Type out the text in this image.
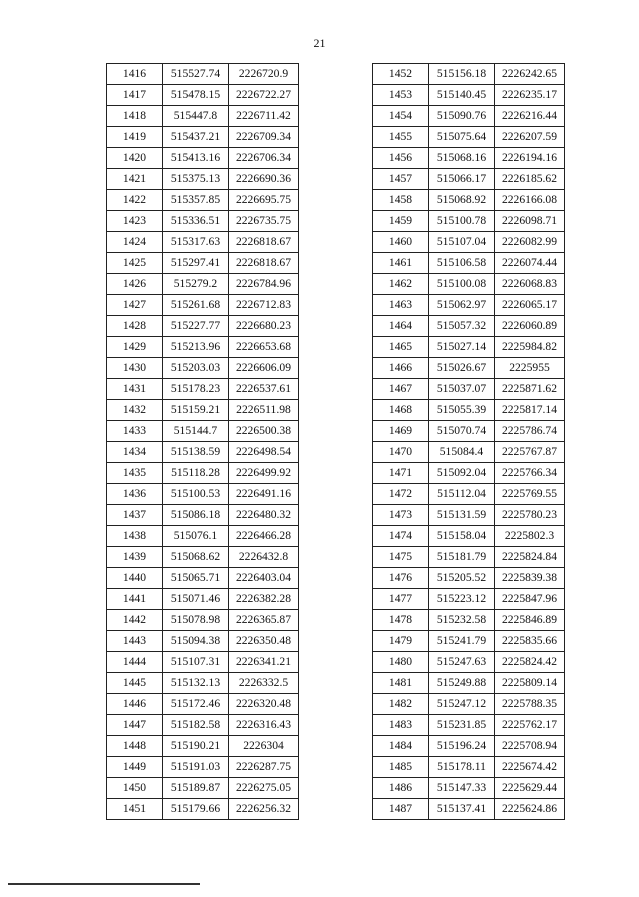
21
1416	515527.74	2226720.9
1417	515478.15	2226722.27
1418	515447.8	2226711.42
1419	515437.21	2226709.34
1420	515413.16	2226706.34
1421	515375.13	2226690.36
1422	515357.85	2226695.75
1423	515336.51	2226735.75
1424	515317.63	2226818.67
1425	515297.41	2226818.67
1426	515279.2	2226784.96
1427	515261.68	2226712.83
1428	515227.77	2226680.23
1429	515213.96	2226653.68
1430	515203.03	2226606.09
1431	515178.23	2226537.61
1432	515159.21	2226511.98
1433	515144.7	2226500.38
1434	515138.59	2226498.54
1435	515118.28	2226499.92
1436	515100.53	2226491.16
1437	515086.18	2226480.32
1438	515076.1	2226466.28
1439	515068.62	2226432.8
1440	515065.71	2226403.04
1441	515071.46	2226382.28
1442	515078.98	2226365.87
1443	515094.38	2226350.48
1444	515107.31	2226341.21
1445	515132.13	2226332.5
1446	515172.46	2226320.48
1447	515182.58	2226316.43
1448	515190.21	2226304
1449	515191.03	2226287.75
1450	515189.87	2226275.05
1451	515179.66	2226256.32
1452	515156.18	2226242.65
1453	515140.45	2226235.17
1454	515090.76	2226216.44
1455	515075.64	2226207.59
1456	515068.16	2226194.16
1457	515066.17	2226185.62
1458	515068.92	2226166.08
1459	515100.78	2226098.71
1460	515107.04	2226082.99
1461	515106.58	2226074.44
1462	515100.08	2226068.83
1463	515062.97	2226065.17
1464	515057.32	2226060.89
1465	515027.14	2225984.82
1466	515026.67	2225955
1467	515037.07	2225871.62
1468	515055.39	2225817.14
1469	515070.74	2225786.74
1470	515084.4	2225767.87
1471	515092.04	2225766.34
1472	515112.04	2225769.55
1473	515131.59	2225780.23
1474	515158.04	2225802.3
1475	515181.79	2225824.84
1476	515205.52	2225839.38
1477	515223.12	2225847.96
1478	515232.58	2225846.89
1479	515241.79	2225835.66
1480	515247.63	2225824.42
1481	515249.88	2225809.14
1482	515247.12	2225788.35
1483	515231.85	2225762.17
1484	515196.24	2225708.94
1485	515178.11	2225674.42
1486	515147.33	2225629.44
1487	515137.41	2225624.86
